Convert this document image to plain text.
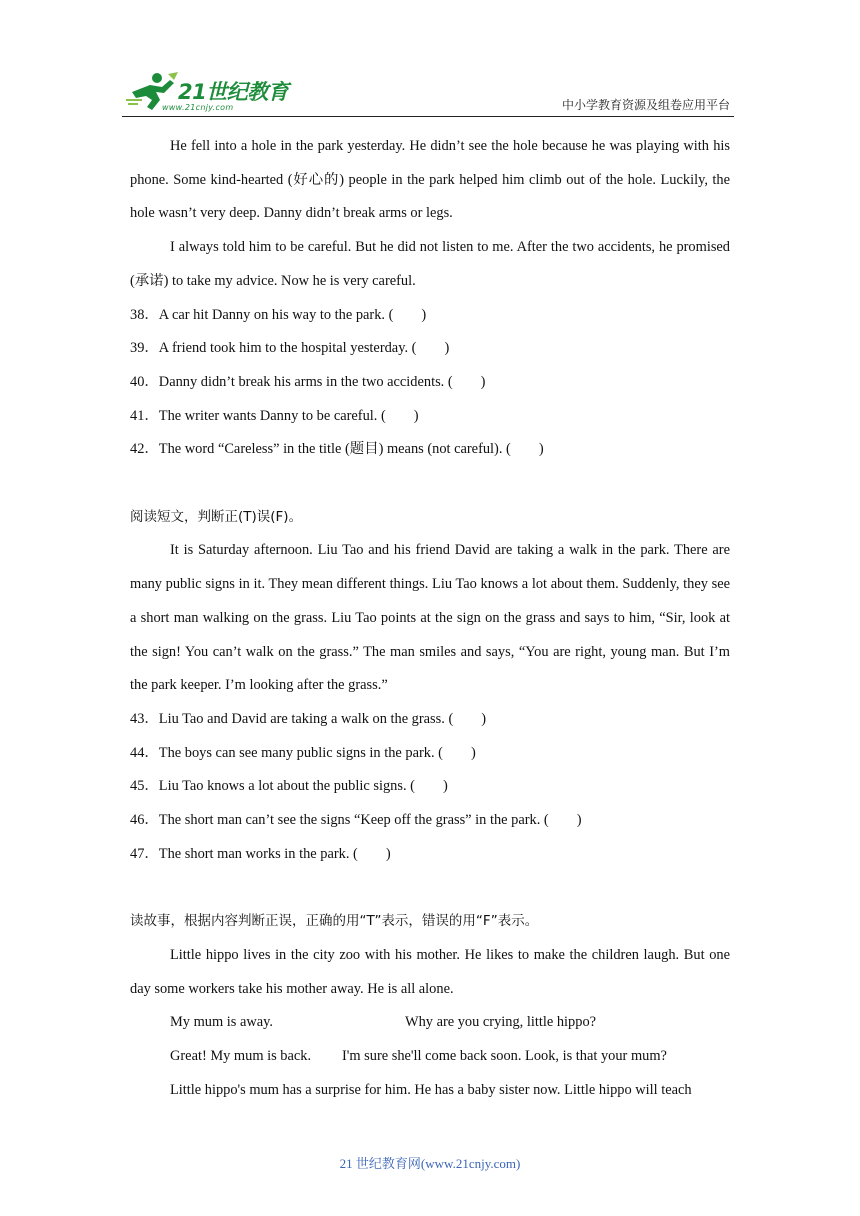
21世纪教育
www.21cnjy.com	中小学教育资源及组卷应用平台

He fell into a hole in the park yesterday. He didn’t see the hole because he was playing with his phone. Some kind-hearted (好心的) people in the park helped him climb out of the hole. Luckily, the hole wasn’t very deep. Danny didn’t break arms or legs.

I always told him to be careful. But he did not listen to me. After the two accidents, he promised (承诺) to take my advice. Now he is very careful.

38．A car hit Danny on his way to the park. ( )

39．A friend took him to the hospital yesterday. ( )

40．Danny didn’t break his arms in the two accidents. ( )

41．The writer wants Danny to be careful. ( )

42．The word “Careless” in the title (题目) means (not careful). ( )

阅读短文，判断正(T)误(F)。

It is Saturday afternoon. Liu Tao and his friend David are taking a walk in the park. There are many public signs in it. They mean different things. Liu Tao knows a lot about them. Suddenly, they see a short man walking on the grass. Liu Tao points at the sign on the grass and says to him, “Sir, look at the sign! You can’t walk on the grass.” The man smiles and says, “You are right, young man. But I’m the park keeper. I’m looking after the grass.”

43．Liu Tao and David are taking a walk on the grass. ( )

44．The boys can see many public signs in the park. ( )

45．Liu Tao knows a lot about the public signs. ( )

46．The short man can’t see the signs “Keep off the grass” in the park. ( )

47．The short man works in the park. ( )

读故事，根据内容判断正误，正确的用“T”表示，错误的用“F”表示。

Little hippo lives in the city zoo with his mother. He likes to make the children laugh. But one day some workers take his mother away. He is all alone.

My mum is away.	Why are you crying, little hippo?

Great! My mum is back. I'm sure she'll come back soon. Look, is that your mum?

Little hippo's mum has a surprise for him. He has a baby sister now. Little hippo will teach

21 世纪教育网(www.21cnjy.com)
